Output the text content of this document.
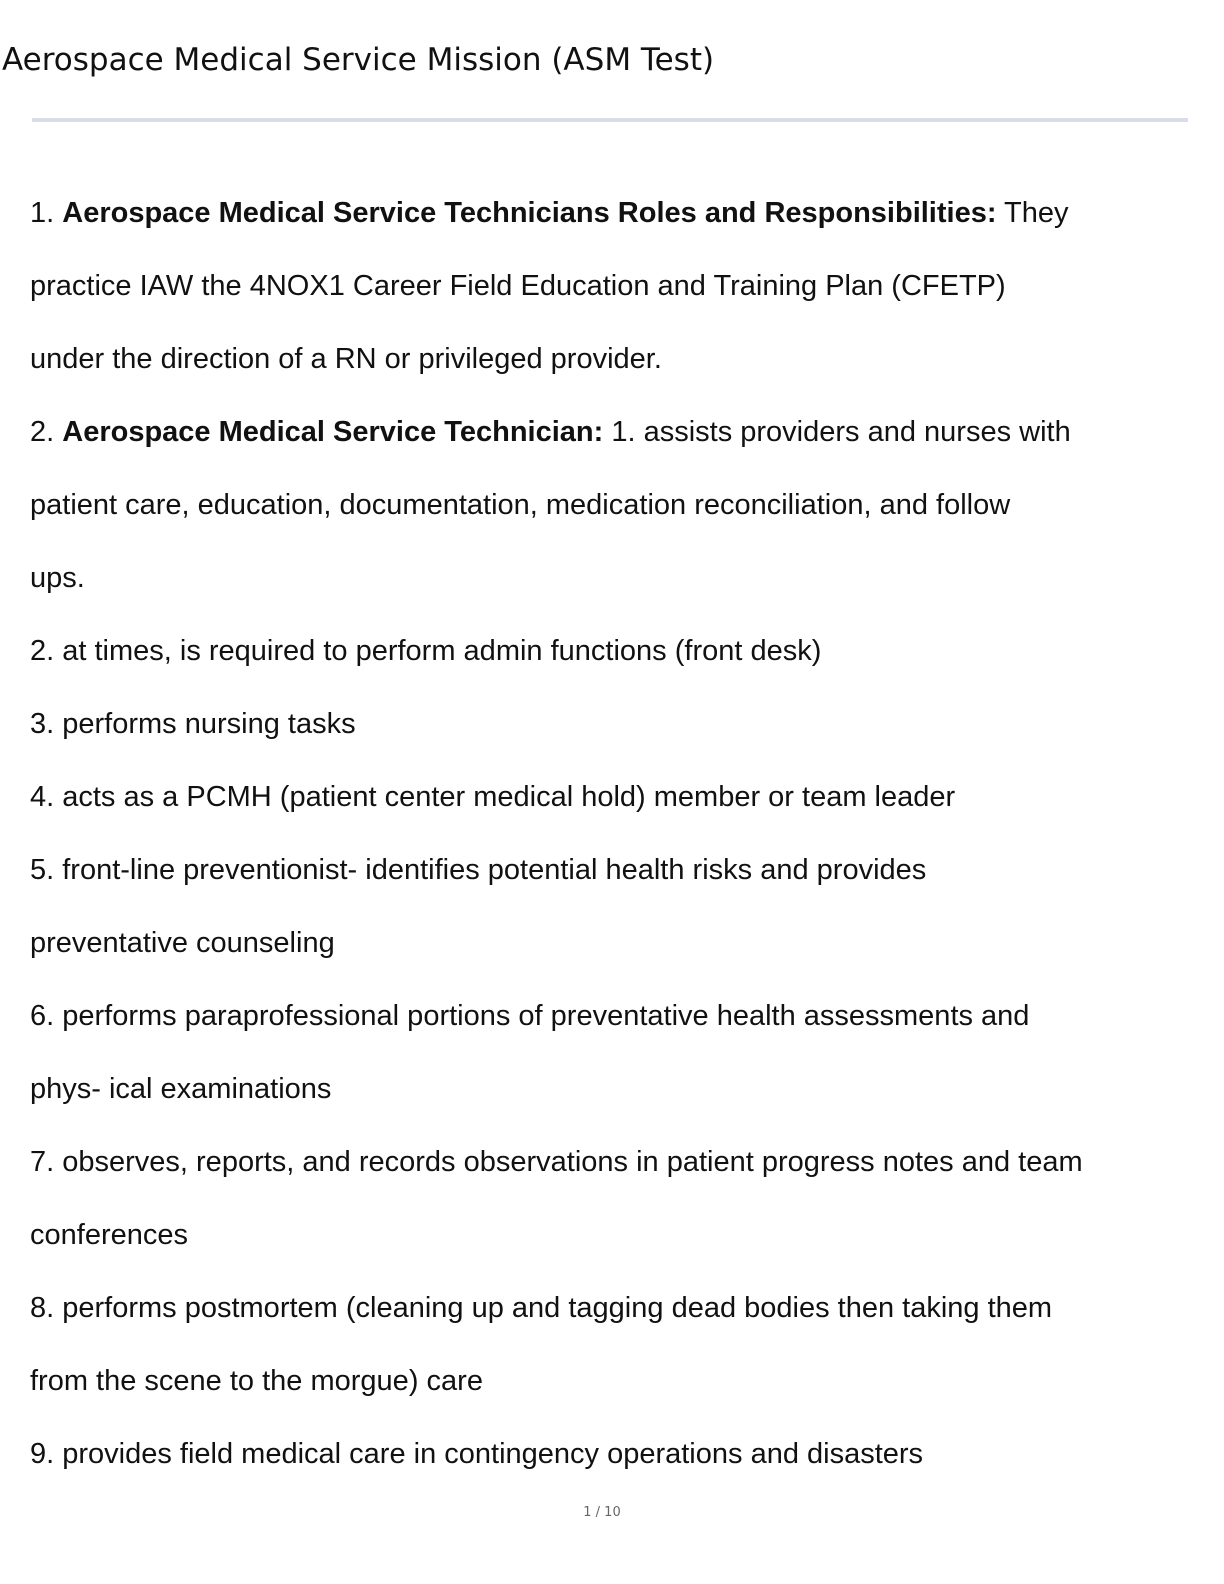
Aerospace Medical Service Mission (ASM Test)
1. Aerospace Medical Service Technicians Roles and Responsibilities: They
practice IAW the 4NOX1 Career Field Education and Training Plan (CFETP)
under the direction of a RN or privileged provider.
2. Aerospace Medical Service Technician: 1. assists providers and nurses with
patient care, education, documentation, medication reconciliation, and follow
ups.
2. at times, is required to perform admin functions (front desk)
3. performs nursing tasks
4. acts as a PCMH (patient center medical hold) member or team leader
5. front-line preventionist- identifies potential health risks and provides
preventative counseling
6. performs paraprofessional portions of preventative health assessments and
phys- ical examinations
7. observes, reports, and records observations in patient progress notes and team
conferences
8. performs postmortem (cleaning up and tagging dead bodies then taking them
from the scene to the morgue) care
9. provides field medical care in contingency operations and disasters
1 / 10
